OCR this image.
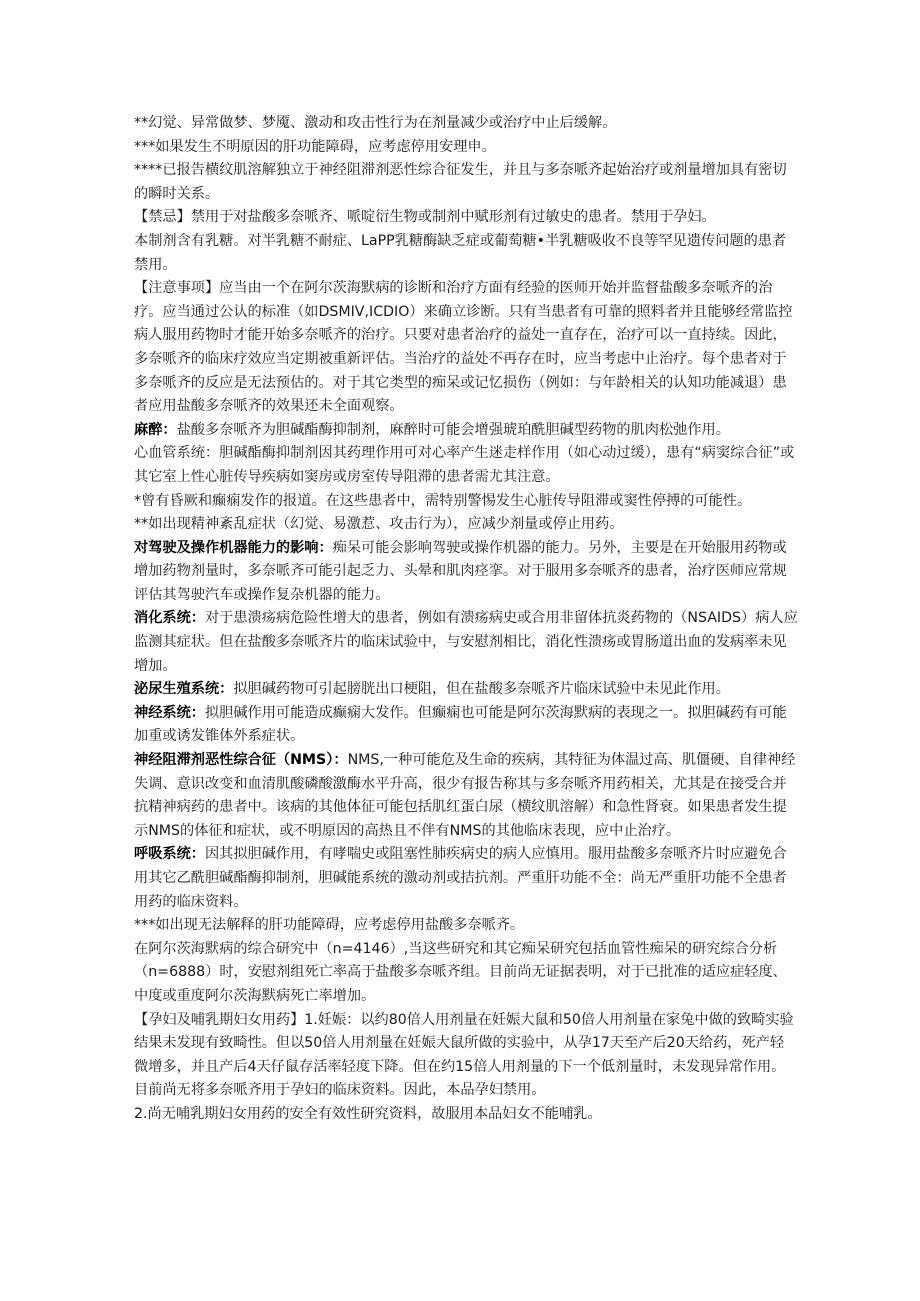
**幻觉、异常做梦、梦魇、激动和攻击性行为在剂量减少或治疗中止后缓解。

***如果发生不明原因的肝功能障碍，应考虑停用安理申。

****已报告横纹肌溶解独立于神经阻滞剂恶性综合征发生，并且与多奈哌齐起始治疗或剂量增加具有密切的瞬时关系。

【禁忌】禁用于对盐酸多奈哌齐、哌啶衍生物或制剂中赋形剂有过敏史的患者。禁用于孕妇。

本制剂含有乳糖。对半乳糖不耐症、LaPP乳糖酶缺乏症或葡萄糖•半乳糖吸收不良等罕见遗传问题的患者禁用。

【注意事项】应当由一个在阿尔茨海默病的诊断和治疗方面有经验的医师开始并监督盐酸多奈哌齐的治疗。应当通过公认的标准（如DSMIV,ICDIO）来确立诊断。只有当患者有可靠的照料者并且能够经常监控病人服用药物时才能开始多奈哌齐的治疗。只要对患者治疗的益处一直存在，治疗可以一直持续。因此，多奈哌齐的临床疗效应当定期被重新评估。当治疗的益处不再存在时，应当考虑中止治疗。每个患者对于多奈哌齐的反应是无法预估的。对于其它类型的痴呆或记忆损伤（例如：与年龄相关的认知功能减退）患者应用盐酸多奈哌齐的效果还未全面观察。

麻醉：盐酸多奈哌齐为胆碱酯酶抑制剂，麻醉时可能会增强琥珀酰胆碱型药物的肌肉松弛作用。

心血管系统：胆碱酯酶抑制剂因其药理作用可对心率产生迷走样作用（如心动过缓），患有“病窦综合征”或其它室上性心脏传导疾病如窦房或房室传导阻滞的患者需尤其注意。

*曾有昏厥和癫痫发作的报道。在这些患者中，需特别警惕发生心脏传导阻滞或窦性停搏的可能性。

**如出现精神紊乱症状（幻觉、易激惹、攻击行为），应减少剂量或停止用药。

对驾驶及操作机器能力的影响：痴呆可能会影响驾驶或操作机器的能力。另外，主要是在开始服用药物或增加药物剂量时，多奈哌齐可能引起乏力、头晕和肌肉痉挛。对于服用多奈哌齐的患者，治疗医师应常规评估其驾驶汽车或操作复杂机器的能力。

消化系统：对于患溃疡病危险性增大的患者，例如有溃疡病史或合用非留体抗炎药物的（NSAIDS）病人应监测其症状。但在盐酸多奈哌齐片的临床试验中，与安慰剂相比，消化性溃疡或胃肠道出血的发病率未见增加。

泌尿生殖系统：拟胆碱药物可引起膀胱出口梗阻，但在盐酸多奈哌齐片临床试验中未见此作用。

神经系统：拟胆碱作用可能造成癫痫大发作。但癫痫也可能是阿尔茨海默病的表现之一。拟胆碱药有可能加重或诱发锥体外系症状。

神经阻滞剂恶性综合征（NMS）：NMS,一种可能危及生命的疾病，其特征为体温过高、肌僵硬、自律神经失调、意识改变和血清肌酸磷酸激酶水平升高，很少有报告称其与多奈哌齐用药相关，尤其是在接受合并抗精神病药的患者中。该病的其他体征可能包括肌红蛋白尿（横纹肌溶解）和急性肾衰。如果患者发生提示NMS的体征和症状，或不明原因的高热且不伴有NMS的其他临床表现，应中止治疗。

呼吸系统：因其拟胆碱作用，有哮喘史或阻塞性肺疾病史的病人应慎用。服用盐酸多奈哌齐片时应避免合用其它乙酰胆碱酯酶抑制剂，胆碱能系统的激动剂或拮抗剂。严重肝功能不全：尚无严重肝功能不全患者用药的临床资料。

***如出现无法解释的肝功能障碍，应考虑停用盐酸多奈哌齐。

在阿尔茨海默病的综合研究中（n=4146）,当这些研究和其它痴呆研究包括血管性痴呆的研究综合分析（n=6888）时，安慰剂组死亡率高于盐酸多奈哌齐组。目前尚无证据表明，对于已批准的适应症轻度、中度或重度阿尔茨海默病死亡率增加。

【孕妇及哺乳期妇女用药】1.妊娠：以约80倍人用剂量在妊娠大鼠和50倍人用剂量在家兔中做的致畸实验结果未发现有致畸性。但以50倍人用剂量在妊娠大鼠所做的实验中，从孕17天至产后20天给药，死产轻微增多，并且产后4天仔鼠存活率轻度下降。但在约15倍人用剂量的下一个低剂量时，未发现异常作用。目前尚无将多奈哌齐用于孕妇的临床资料。因此，本品孕妇禁用。

2.尚无哺乳期妇女用药的安全有效性研究资料，故服用本品妇女不能哺乳。
